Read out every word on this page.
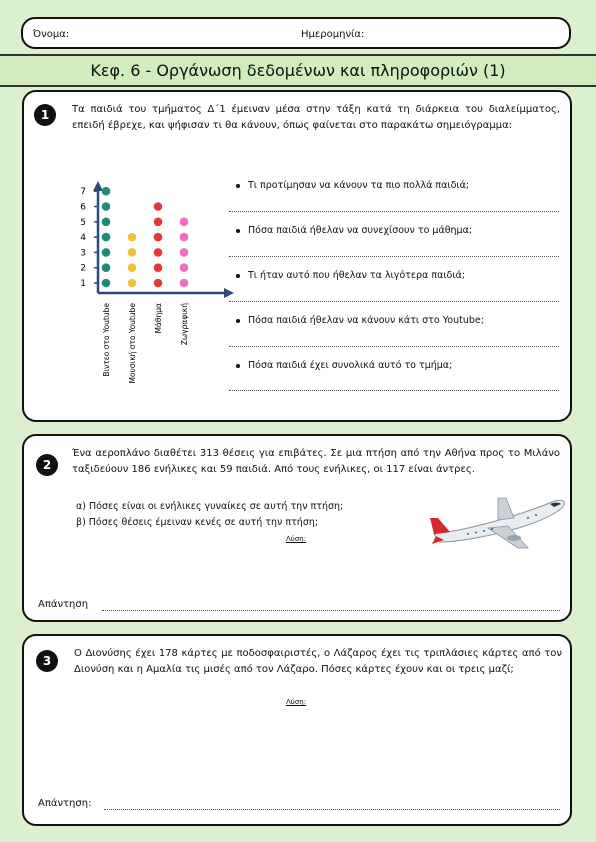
Όνομα:	Ημερομηνία:
Κεφ. 6 - Οργάνωση δεδομένων και πληροφοριών (1)
1	Τα παιδιά του τμήματος Δ΄1 έμειναν μέσα στην τάξη κατά τη διάρκεια του διαλείμματος, επειδή έβρεχε, και ψήφισαν τι θα κάνουν, όπως φαίνεται στο παρακάτω σημειόγραμμα:
1
2
3
4
5
6
7
Βιντεο στο Youtube Μουσική στο Youtube Μάθημα Ζωγραφική
Τι προτίμησαν να κάνουν τα πιο πολλά παιδιά;
Πόσα παιδιά ήθελαν να συνεχίσουν το μάθημα;
Τι ήταν αυτό που ήθελαν τα λιγότερα παιδιά;
Πόσα παιδιά ήθελαν να κάνουν κάτι στο Youtube;
Πόσα παιδιά έχει συνολικά αυτό το τμήμα;
2
Ένα αεροπλάνο διαθέτει 313 θέσεις για επιβάτες. Σε μια πτήση από την Αθήνα προς το Μιλάνο ταξιδεύουν 186 ενήλικες και 59 παιδιά. Από τους ενήλικες, οι 117 είναι άντρες.
α) Πόσες είναι οι ενήλικες γυναίκες σε αυτή την πτήση;
β) Πόσες θέσεις έμειναν κενές σε αυτή την πτήση;
Λύση:
Απάντηση
3
Ο Διονύσης έχει 178 κάρτες με ποδοσφαιριστές, ο Λάζαρος έχει τις τριπλάσιες κάρτες από τον Διονύση και η Αμαλία τις μισές από τον Λάζαρο. Πόσες κάρτες έχουν και οι τρεις μαζί;
Λύση:
Απάντηση:
